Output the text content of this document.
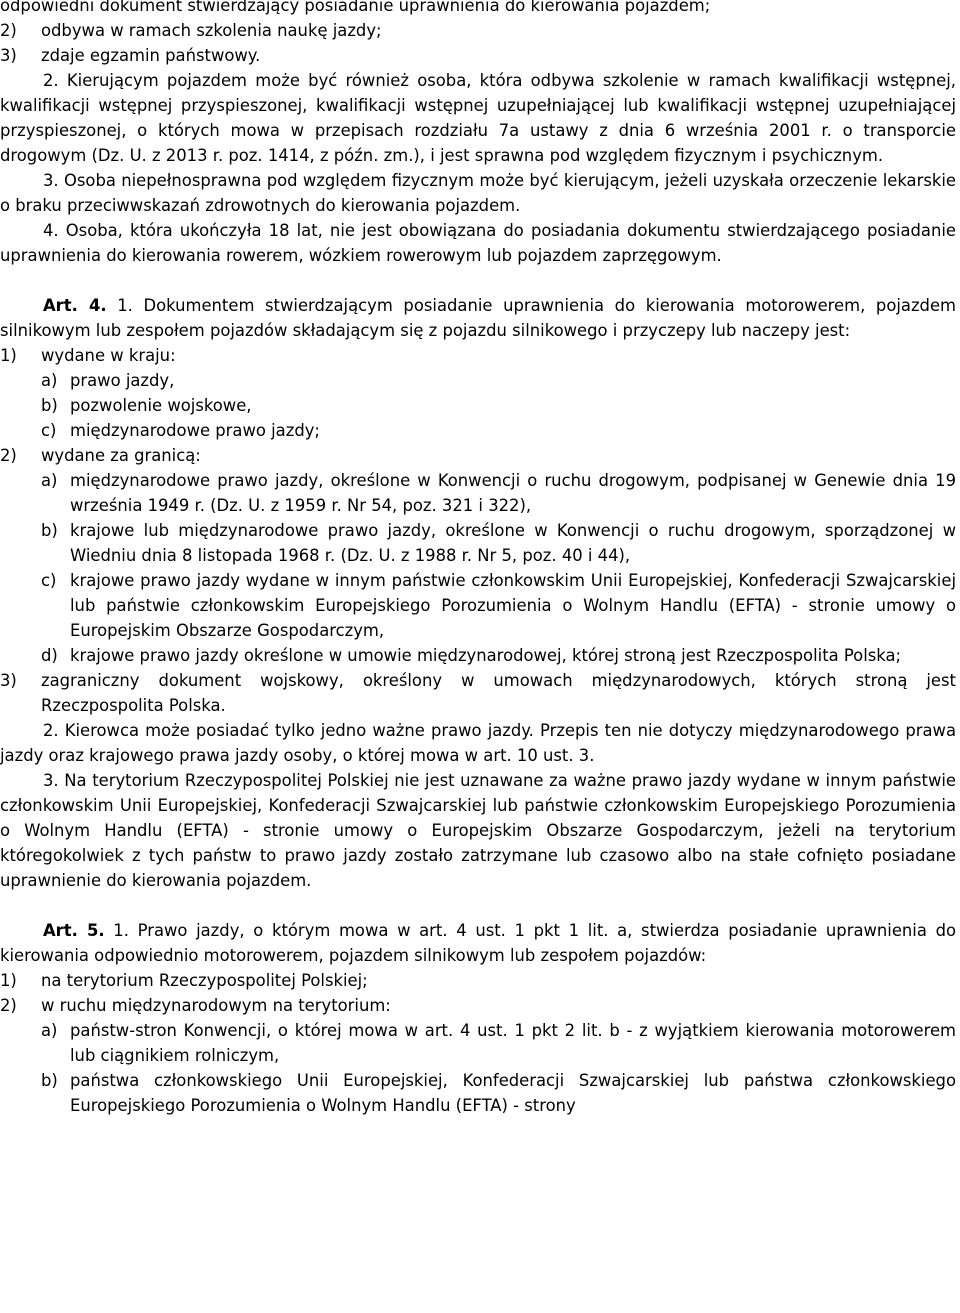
odpowiedni dokument stwierdzający posiadanie uprawnienia do kierowania pojazdem;

2) odbywa w ramach szkolenia naukę jazdy;
3) zdaje egzamin państwowy.

2. Kierującym pojazdem może być również osoba, która odbywa szkolenie w ramach kwalifikacji wstępnej, kwalifikacji wstępnej przyspieszonej, kwalifikacji wstępnej uzupełniającej lub kwalifikacji wstępnej uzupełniającej przyspieszonej, o których mowa w przepisach rozdziału 7a ustawy z dnia 6 września 2001 r. o transporcie drogowym (Dz. U. z 2013 r. poz. 1414, z późn. zm.), i jest sprawna pod względem fizycznym i psychicznym.

3. Osoba niepełnosprawna pod względem fizycznym może być kierującym, jeżeli uzyskała orzeczenie lekarskie o braku przeciwwskazań zdrowotnych do kierowania pojazdem.

4. Osoba, która ukończyła 18 lat, nie jest obowiązana do posiadania dokumentu stwierdzającego posiadanie uprawnienia do kierowania rowerem, wózkiem rowerowym lub pojazdem zaprzęgowym.

Art. 4. 1. Dokumentem stwierdzającym posiadanie uprawnienia do kierowania motorowerem, pojazdem silnikowym lub zespołem pojazdów składającym się z pojazdu silnikowego i przyczepy lub naczepy jest:

1) wydane w kraju:
a) prawo jazdy,
b) pozwolenie wojskowe,
c) międzynarodowe prawo jazdy;
2) wydane za granicą:
a) międzynarodowe prawo jazdy, określone w Konwencji o ruchu drogowym, podpisanej w Genewie dnia 19 września 1949 r. (Dz. U. z 1959 r. Nr 54, poz. 321 i 322),
b) krajowe lub międzynarodowe prawo jazdy, określone w Konwencji o ruchu drogowym, sporządzonej w Wiedniu dnia 8 listopada 1968 r. (Dz. U. z 1988 r. Nr 5, poz. 40 i 44),
c) krajowe prawo jazdy wydane w innym państwie członkowskim Unii Europejskiej, Konfederacji Szwajcarskiej lub państwie członkowskim Europejskiego Porozumienia o Wolnym Handlu (EFTA) - stronie umowy o Europejskim Obszarze Gospodarczym,
d) krajowe prawo jazdy określone w umowie międzynarodowej, której stroną jest Rzeczpospolita Polska;
3) zagraniczny dokument wojskowy, określony w umowach międzynarodowych, których stroną jest Rzeczpospolita Polska.

2. Kierowca może posiadać tylko jedno ważne prawo jazdy. Przepis ten nie dotyczy międzynarodowego prawa jazdy oraz krajowego prawa jazdy osoby, o której mowa w art. 10 ust. 3.

3. Na terytorium Rzeczypospolitej Polskiej nie jest uznawane za ważne prawo jazdy wydane w innym państwie członkowskim Unii Europejskiej, Konfederacji Szwajcarskiej lub państwie członkowskim Europejskiego Porozumienia o Wolnym Handlu (EFTA) - stronie umowy o Europejskim Obszarze Gospodarczym, jeżeli na terytorium któregokolwiek z tych państw to prawo jazdy zostało zatrzymane lub czasowo albo na stałe cofnięto posiadane uprawnienie do kierowania pojazdem.

Art. 5. 1. Prawo jazdy, o którym mowa w art. 4 ust. 1 pkt 1 lit. a, stwierdza posiadanie uprawnienia do kierowania odpowiednio motorowerem, pojazdem silnikowym lub zespołem pojazdów:

1) na terytorium Rzeczypospolitej Polskiej;
2) w ruchu międzynarodowym na terytorium:
a) państw-stron Konwencji, o której mowa w art. 4 ust. 1 pkt 2 lit. b - z wyjątkiem kierowania motorowerem lub ciągnikiem rolniczym,
b) państwa członkowskiego Unii Europejskiej, Konfederacji Szwajcarskiej lub państwa członkowskiego Europejskiego Porozumienia o Wolnym Handlu (EFTA) - strony
